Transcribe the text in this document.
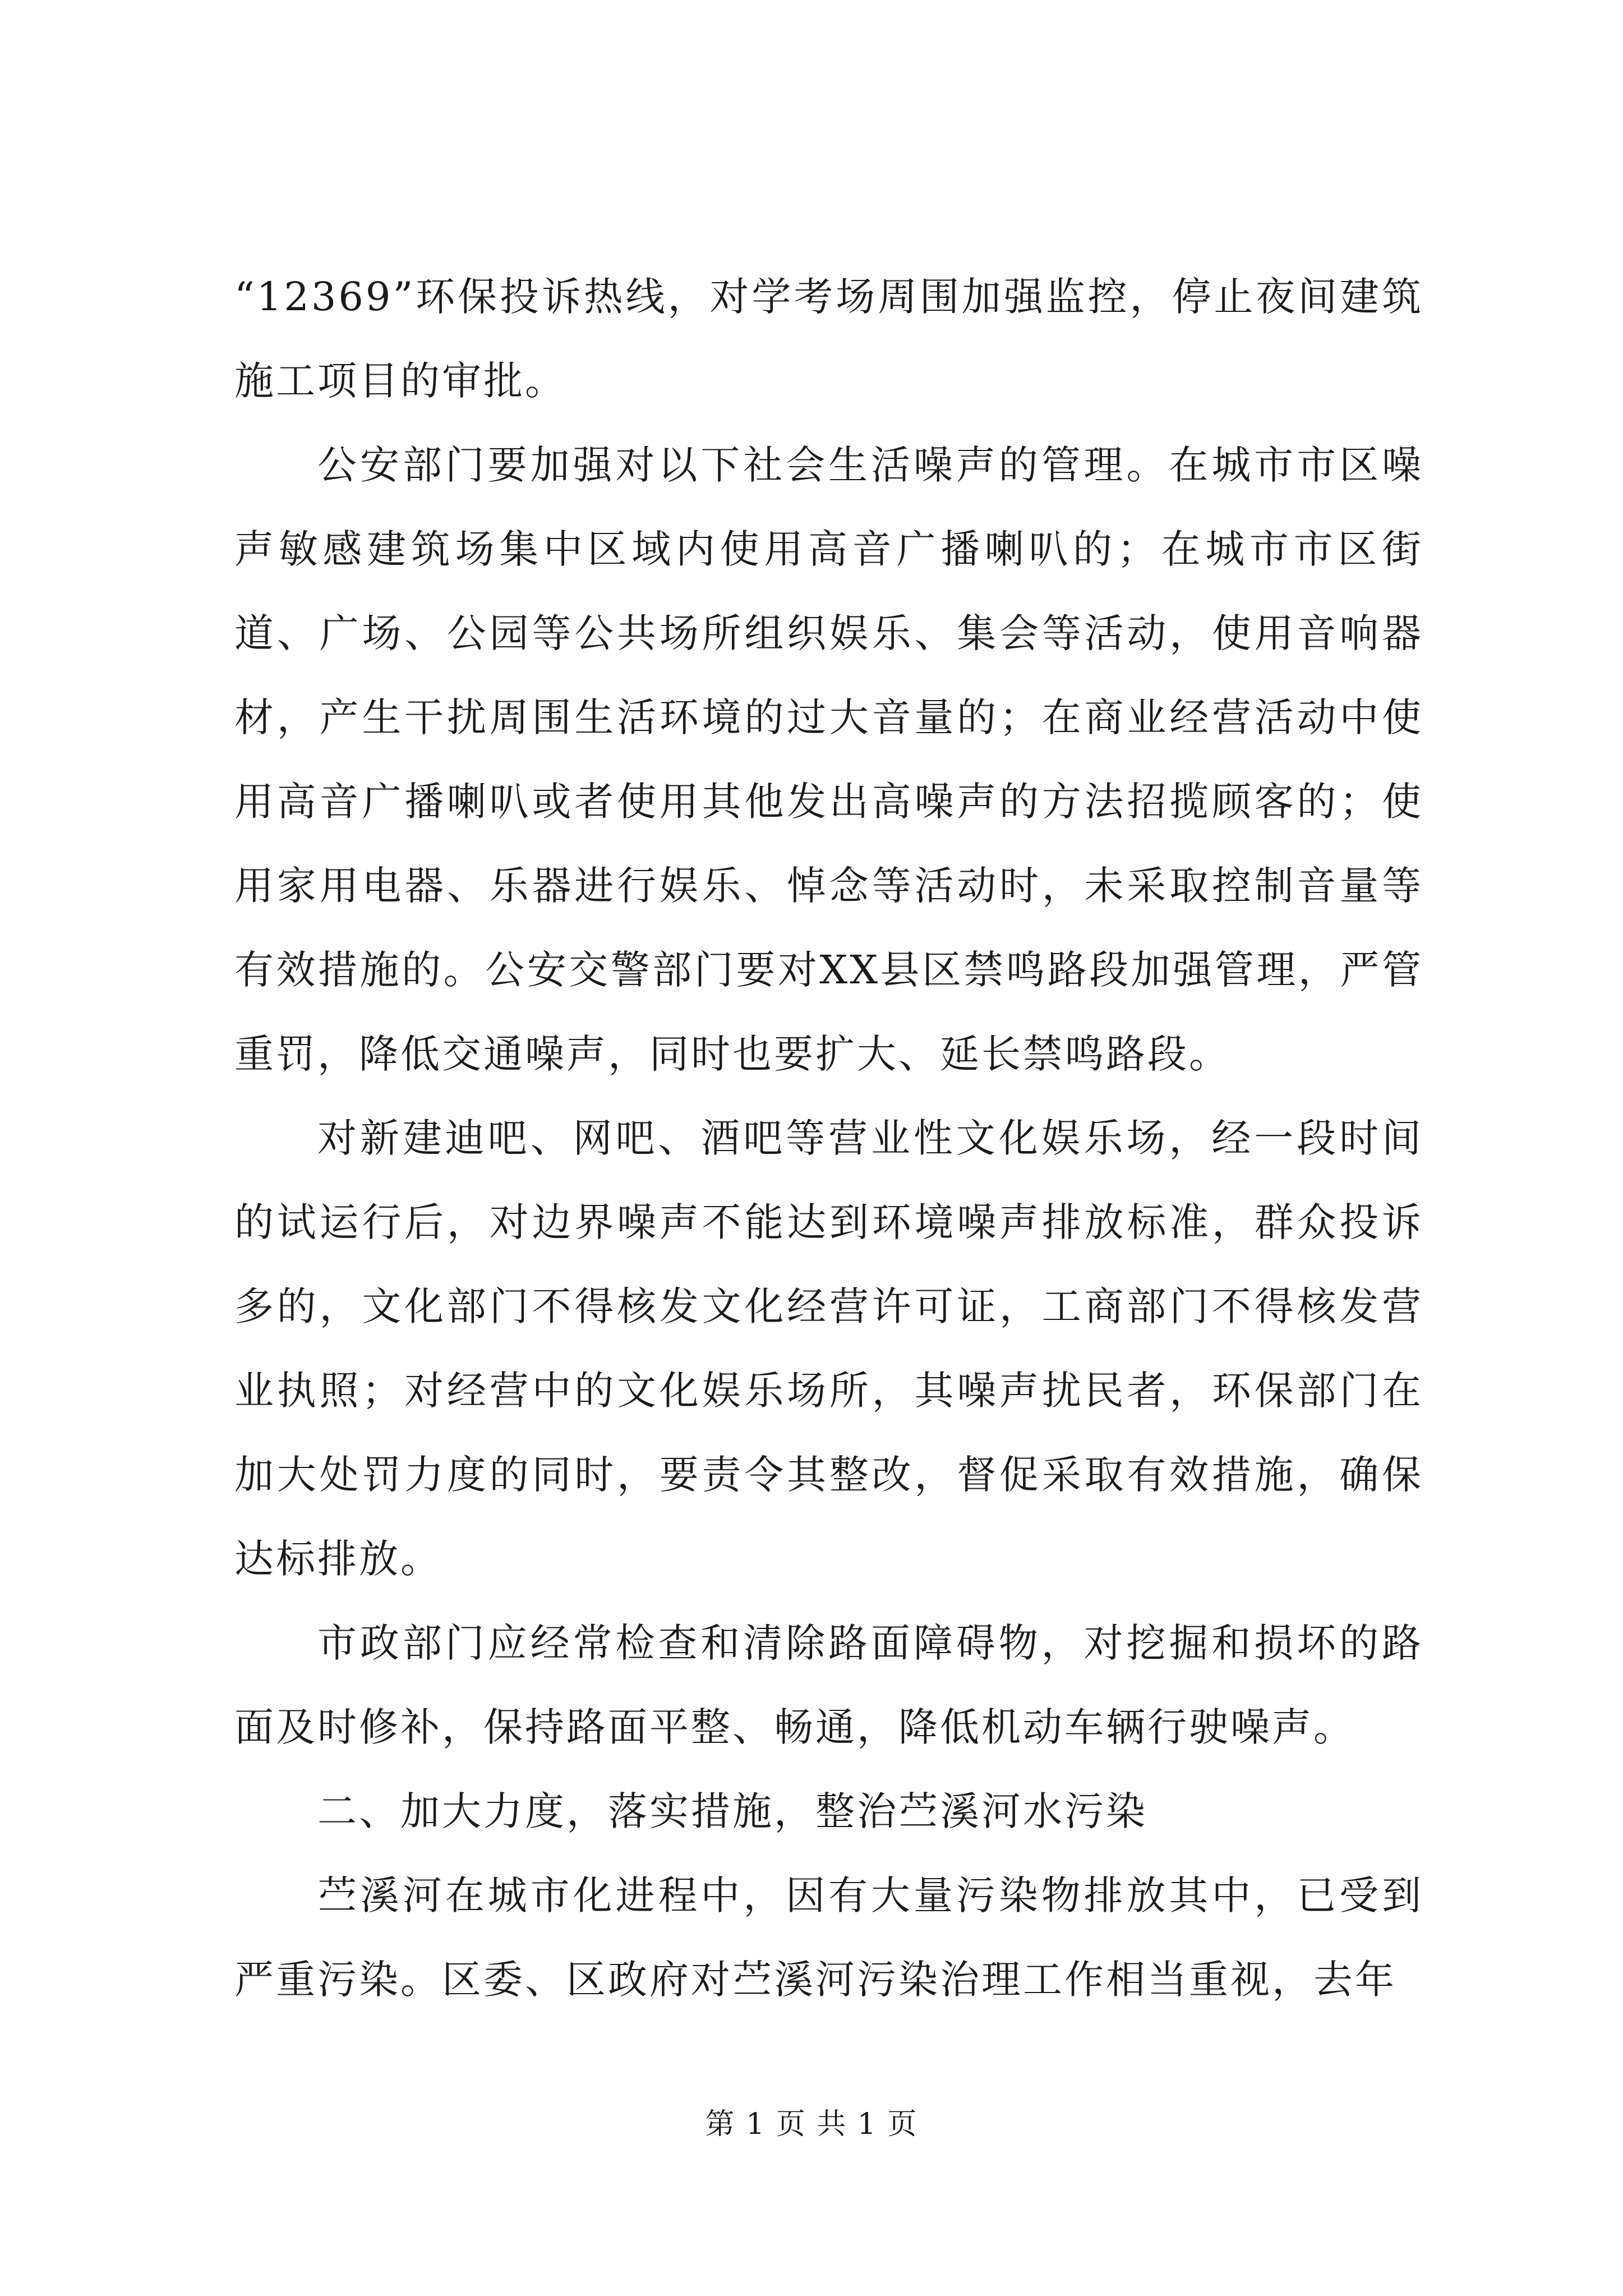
“12369”环保投诉热线，对学考场周围加强监控，停止夜间建筑施工项目的审批。

公安部门要加强对以下社会生活噪声的管理。在城市市区噪声敏感建筑场集中区域内使用高音广播喇叭的；在城市市区街道、广场、公园等公共场所组织娱乐、集会等活动，使用音响器材，产生干扰周围生活环境的过大音量的；在商业经营活动中使用高音广播喇叭或者使用其他发出高噪声的方法招揽顾客的；使用家用电器、乐器进行娱乐、悼念等活动时，未采取控制音量等有效措施的。公安交警部门要对XX县区禁鸣路段加强管理，严管重罚，降低交通噪声，同时也要扩大、延长禁鸣路段。

对新建迪吧、网吧、酒吧等营业性文化娱乐场，经一段时间的试运行后，对边界噪声不能达到环境噪声排放标准，群众投诉多的，文化部门不得核发文化经营许可证，工商部门不得核发营业执照；对经营中的文化娱乐场所，其噪声扰民者，环保部门在加大处罚力度的同时，要责令其整改，督促采取有效措施，确保达标排放。

市政部门应经常检查和清除路面障碍物，对挖掘和损坏的路面及时修补，保持路面平整、畅通，降低机动车辆行驶噪声。

二、加大力度，落实措施，整治苎溪河水污染

苎溪河在城市化进程中，因有大量污染物排放其中，已受到严重污染。区委、区政府对苎溪河污染治理工作相当重视，去年

第 1 页 共 1 页
